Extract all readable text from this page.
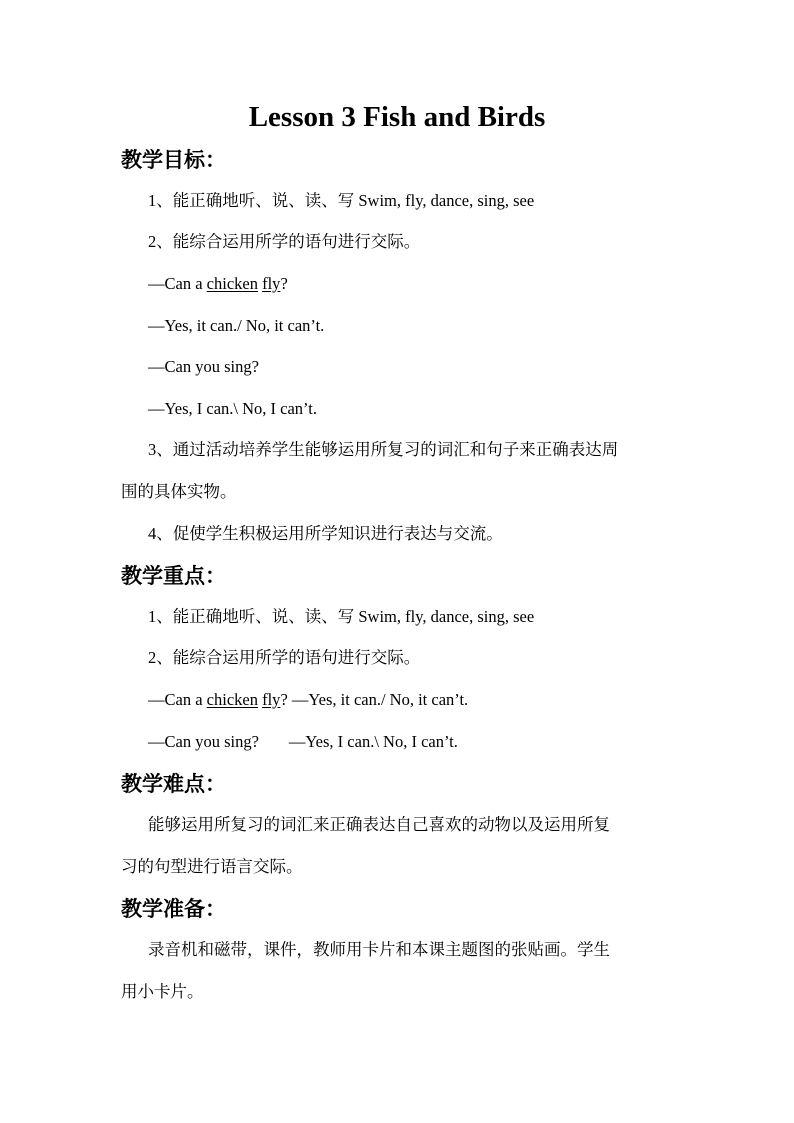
Lesson 3 Fish and Birds
教学目标：
1、能正确地听、说、读、写 Swim, fly, dance, sing, see
2、能综合运用所学的语句进行交际。
—Can a chicken fly?
—Yes, it can./ No, it can’t.
—Can you sing?
—Yes, I can.\ No, I can’t.
3、通过活动培养学生能够运用所复习的词汇和句子来正确表达周
围的具体实物。
4、促使学生积极运用所学知识进行表达与交流。
教学重点：
1、能正确地听、说、读、写 Swim, fly, dance, sing, see
2、能综合运用所学的语句进行交际。
—Can a chicken fly? —Yes, it can./ No, it can’t.
—Can you sing? —Yes, I can.\ No, I can’t.
教学难点：
能够运用所复习的词汇来正确表达自己喜欢的动物以及运用所复
习的句型进行语言交际。
教学准备：
录音机和磁带，课件，教师用卡片和本课主题图的张贴画。学生
用小卡片。
